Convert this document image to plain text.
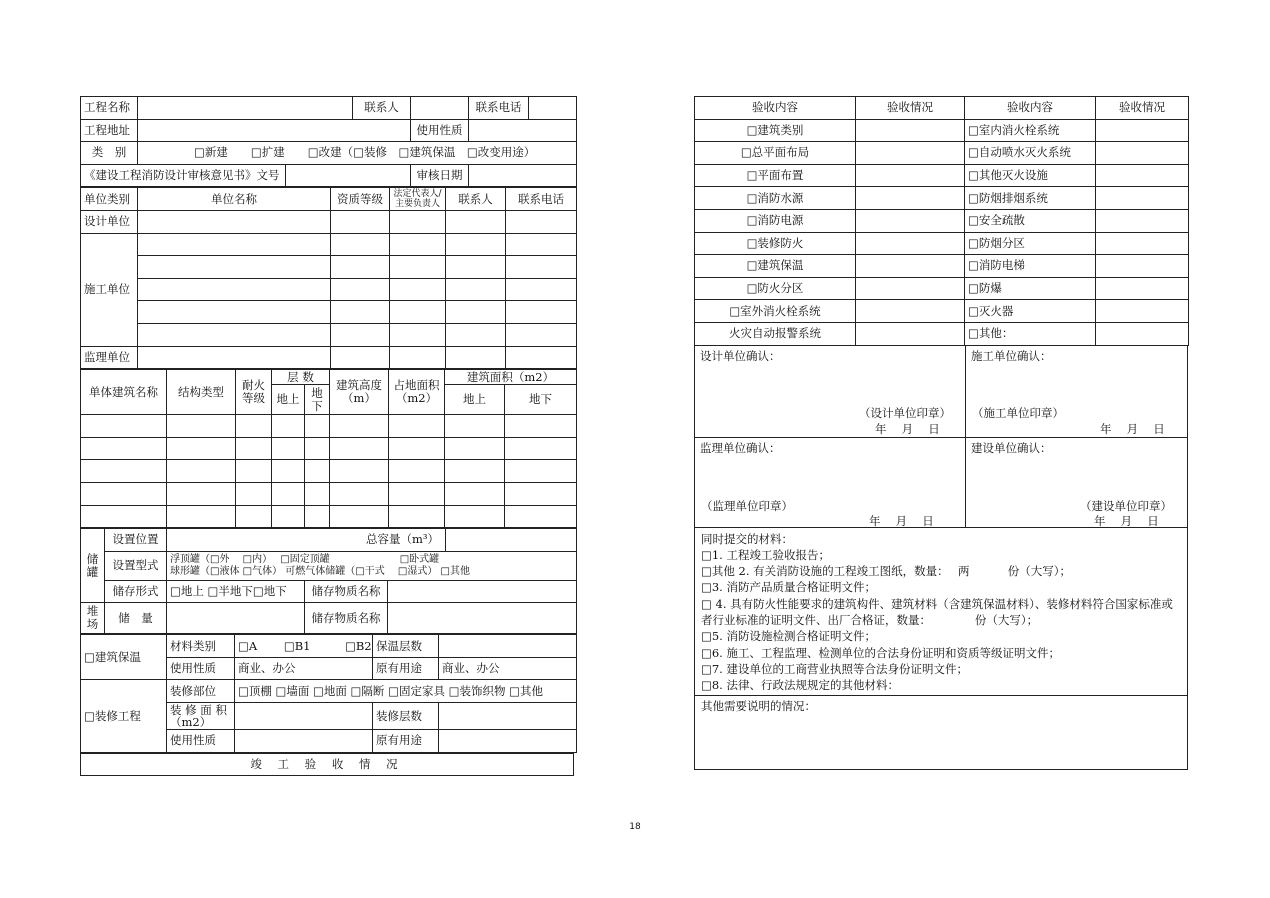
工程名称			联系人		联系电话	
工程地址				使用性质		
类　别	□新建　　□扩建　　□改建（□装修　□建筑保温　□改变用途）					
《建设工程消防设计审核意见书》文号				审核日期		
单位类别	单位名称	资质等级	法定代表人/主要负责人	联系人	联系电话
设计单位					
施工单位					

监理单位					
单体建筑名称	结构类型	耐火等级	层 数		建筑高度（m）	占地面积（m2）	建筑面积（m2）	
			地上	地下			地上	地下

储罐	设置位置	总容量（m³）			
	设置型式	浮顶罐（□外　 □内）　 □固定顶罐　　　　　　　□卧式罐
球形罐（□液体 □气体） 可燃气体储罐（□干式　 □湿式） □其他			

	储存形式	□地上 □半地下□地下	储存物质名称		
堆场	储　量		储存物质名称		
□建筑保温	材料类别	□A　　 □B1　　　□B2	保温层数	
	使用性质	商业、办公	原有用途	商业、办公
□装修工程	装修部位	□顶棚 □墙面 □地面 □隔断 □固定家具 □装饰织物 □其他		
	装 修 面 积（m2）		装修层数	
	使用性质		原有用途	
竣 工 验 收 情 况
验收内容	验收情况	验收内容	验收情况
□建筑类别		□室内消火栓系统	
□总平面布局		□自动喷水灭火系统	
□平面布置		□其他灭火设施	
□消防水源		□防烟排烟系统	
□消防电源		□安全疏散	
□装修防火		□防烟分区	
□建筑保温		□消防电梯	
□防火分区		□防爆	
□室外消火栓系统		□灭火器	
火灾自动报警系统		□其他：	
设计单位确认：
（设计单位印章）
年　 月　 日
施工单位确认：
（施工单位印章）
年　 月　 日
监理单位确认：
（监理单位印章）
年　 月　 日
建设单位确认：
（建设单位印章）
年　 月　 日
同时提交的材料：
□1. 工程竣工验收报告；
□其他 2. 有关消防设施的工程竣工图纸，数量：　 两　　　 份（大写）；
□3. 消防产品质量合格证明文件；
□ 4. 具有防火性能要求的建筑构件、建筑材料（含建筑保温材料）、装修材料符合国家标准或者行业标准的证明文件、出厂合格证，数量：　　　　 份（大写）；
□5. 消防设施检测合格证明文件；
□6. 施工、工程监理、检测单位的合法身份证明和资质等级证明文件；
□7. 建设单位的工商营业执照等合法身份证明文件；
□8. 法律、行政法规规定的其他材料：
其他需要说明的情况：
18
